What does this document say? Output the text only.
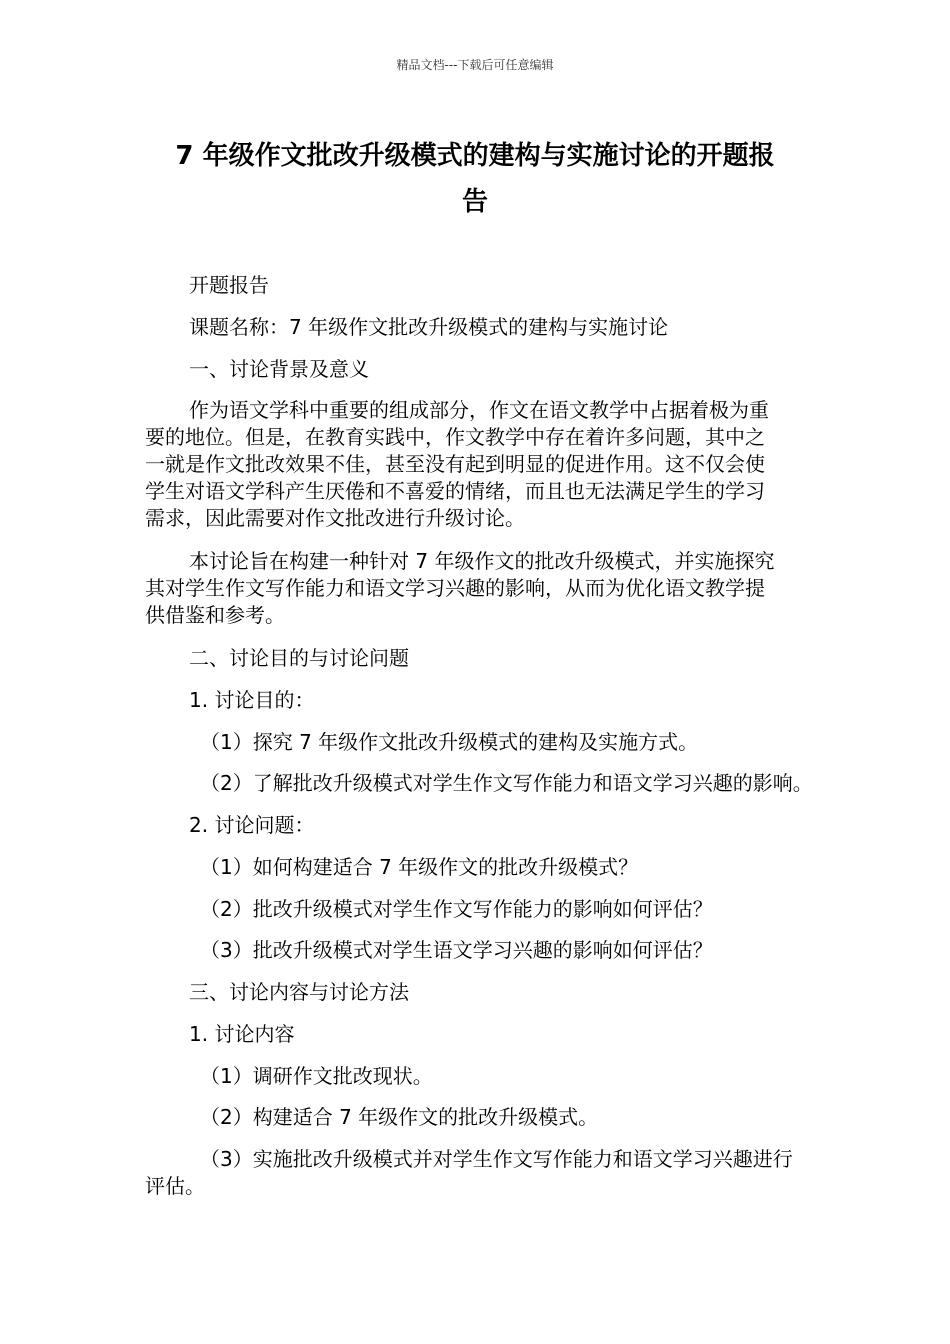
精品文档---下载后可任意编辑
7 年级作文批改升级模式的建构与实施讨论的开题报
告
开题报告
课题名称：7 年级作文批改升级模式的建构与实施讨论
一、讨论背景及意义
作为语文学科中重要的组成部分，作文在语文教学中占据着极为重
要的地位。但是，在教育实践中，作文教学中存在着许多问题，其中之
一就是作文批改效果不佳，甚至没有起到明显的促进作用。这不仅会使
学生对语文学科产生厌倦和不喜爱的情绪，而且也无法满足学生的学习
需求，因此需要对作文批改进行升级讨论。
本讨论旨在构建一种针对 7 年级作文的批改升级模式，并实施探究
其对学生作文写作能力和语文学习兴趣的影响，从而为优化语文教学提
供借鉴和参考。
二、讨论目的与讨论问题
1. 讨论目的：
（1）探究 7 年级作文批改升级模式的建构及实施方式。
（2）了解批改升级模式对学生作文写作能力和语文学习兴趣的影响。
2. 讨论问题：
（1）如何构建适合 7 年级作文的批改升级模式？
（2）批改升级模式对学生作文写作能力的影响如何评估？
（3）批改升级模式对学生语文学习兴趣的影响如何评估？
三、讨论内容与讨论方法
1. 讨论内容
（1）调研作文批改现状。
（2）构建适合 7 年级作文的批改升级模式。
（3）实施批改升级模式并对学生作文写作能力和语文学习兴趣进行
评估。
